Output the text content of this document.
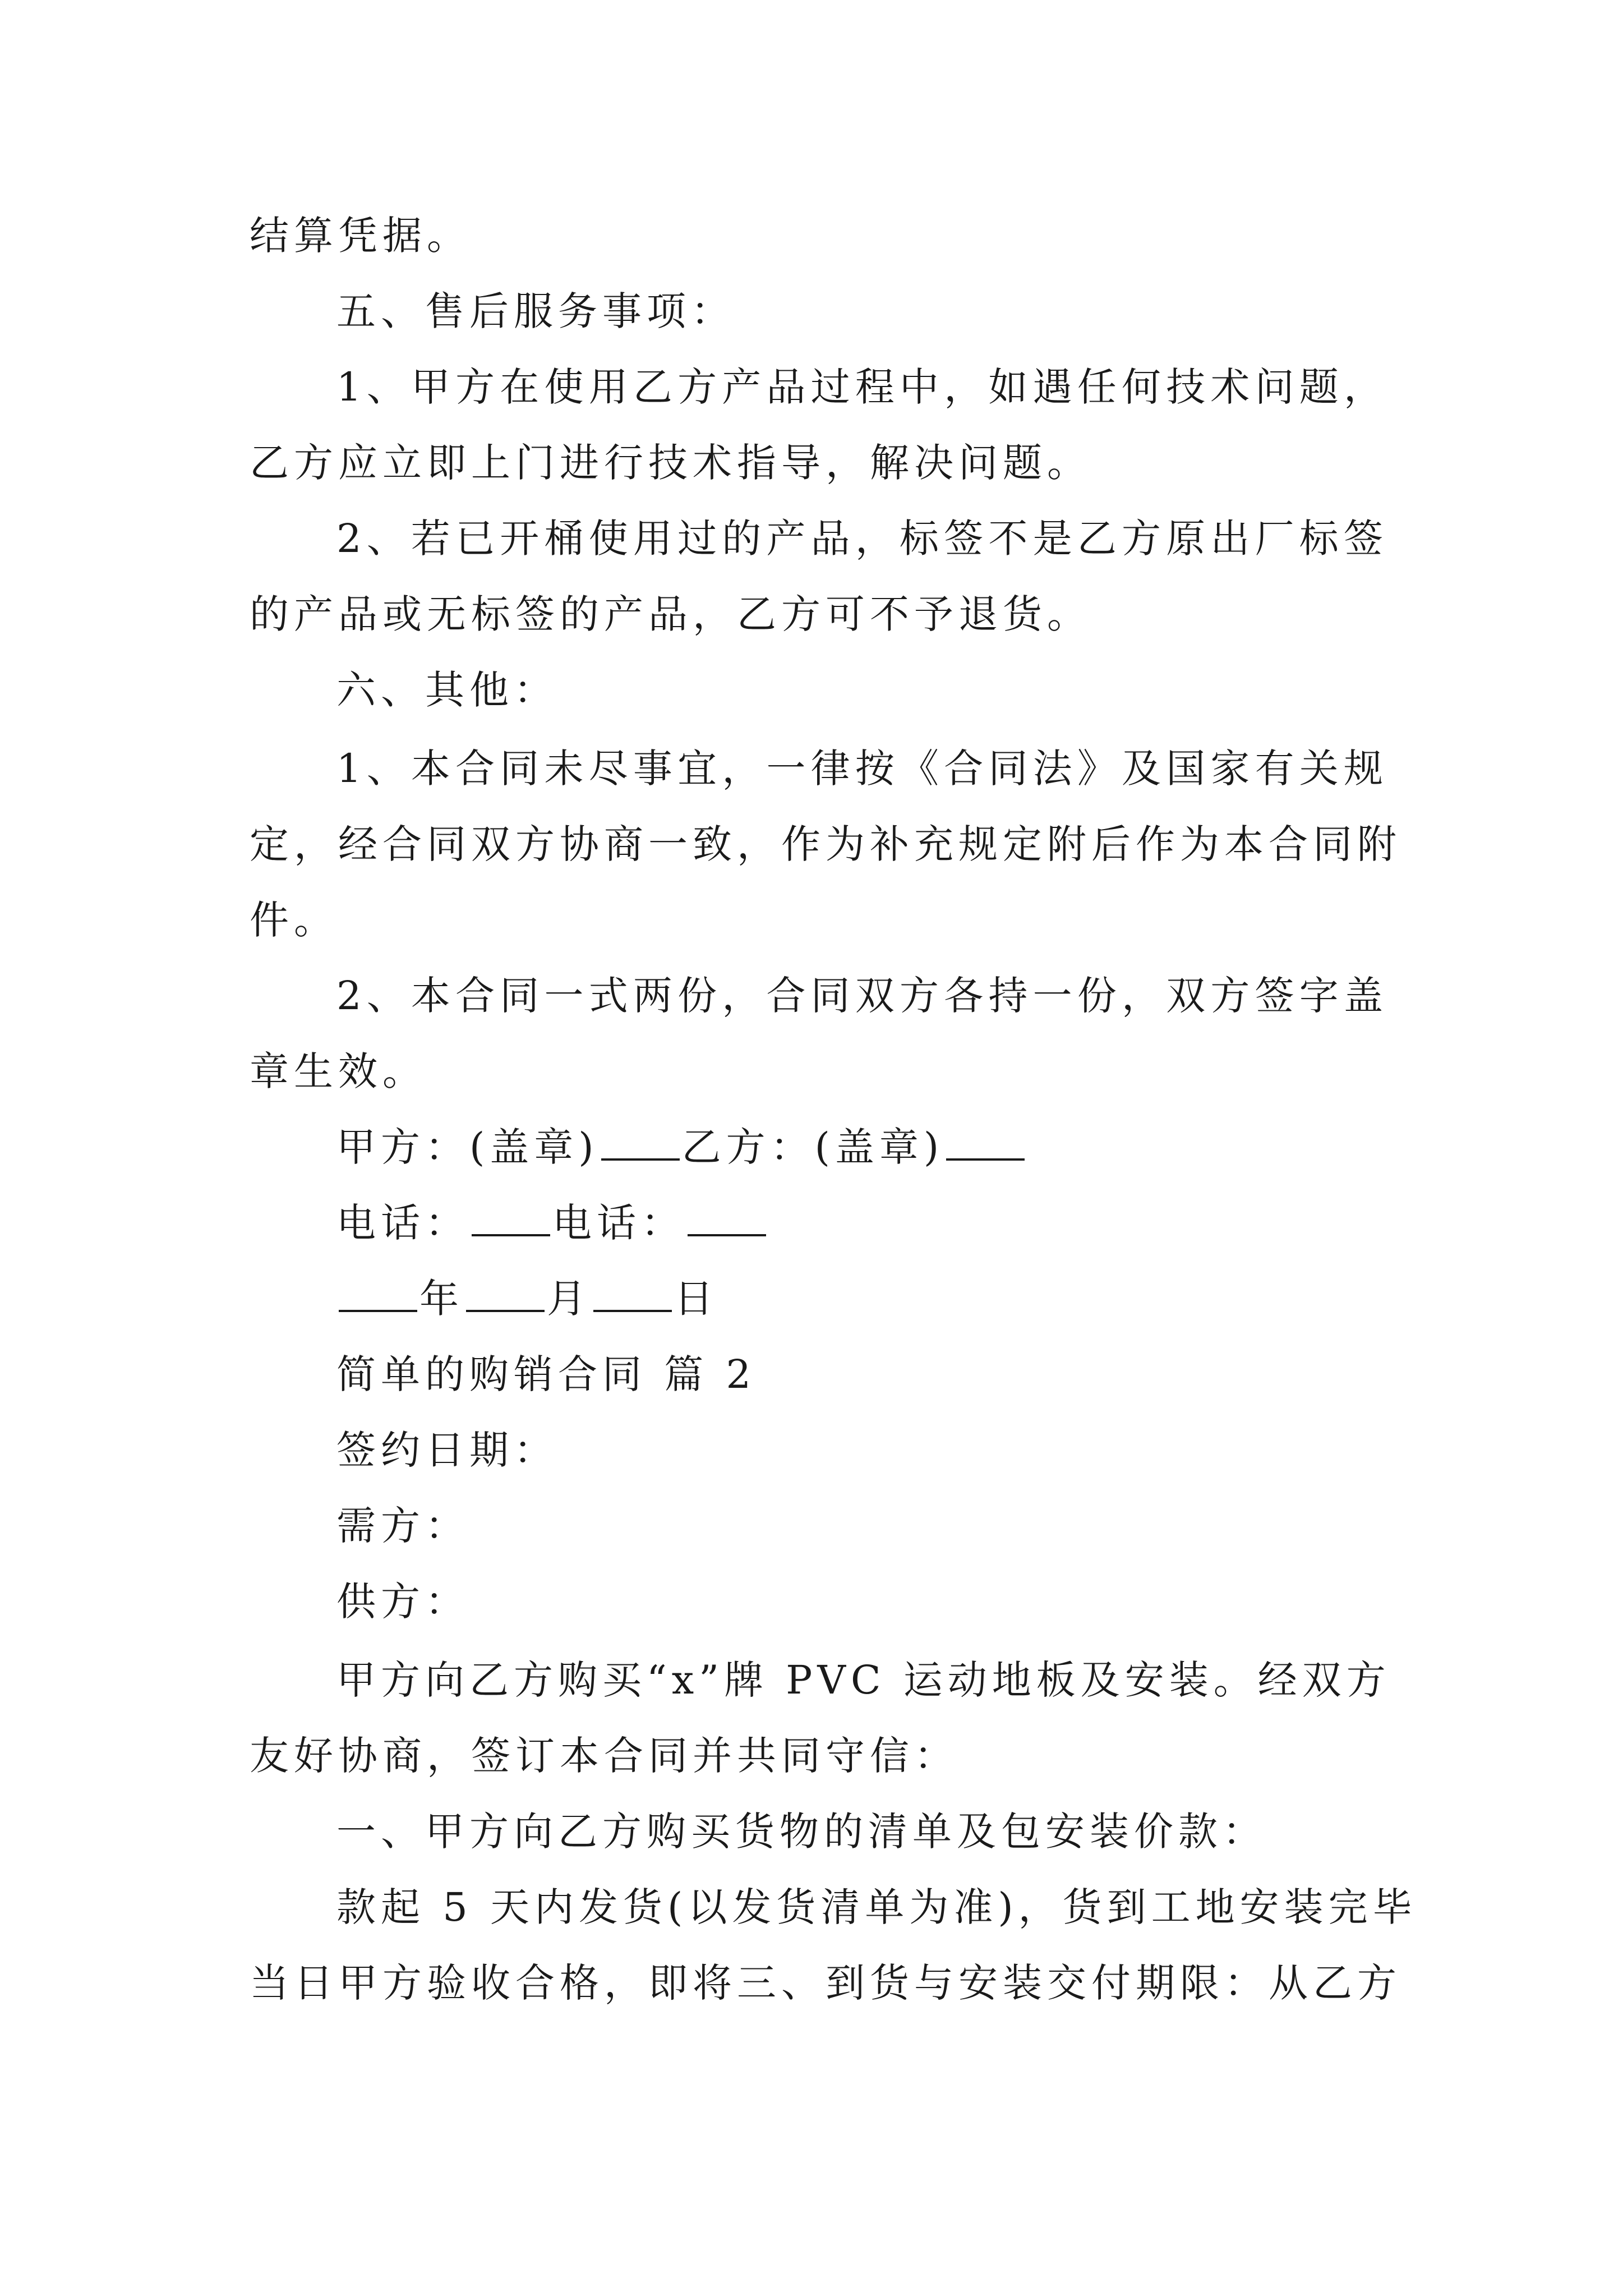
结算凭据。
五、售后服务事项：
1、甲方在使用乙方产品过程中，如遇任何技术问题，
乙方应立即上门进行技术指导，解决问题。
2、若已开桶使用过的产品，标签不是乙方原出厂标签
的产品或无标签的产品，乙方可不予退货。
六、其他：
1、本合同未尽事宜，一律按《合同法》及国家有关规
定，经合同双方协商一致，作为补充规定附后作为本合同附
件。
2、本合同一式两份，合同双方各持一份，双方签字盖
章生效。
甲方：(盖章) 乙方：(盖章)
电话： 电话：
年 月 日
简单的购销合同 篇 2
签约日期：
需方：
供方：
甲方向乙方购买“x”牌 PVC 运动地板及安装。经双方
友好协商，签订本合同并共同守信：
一、甲方向乙方购买货物的清单及包安装价款：
款起 5 天内发货(以发货清单为准)，货到工地安装完毕
当日甲方验收合格，即将三、到货与安装交付期限：从乙方
